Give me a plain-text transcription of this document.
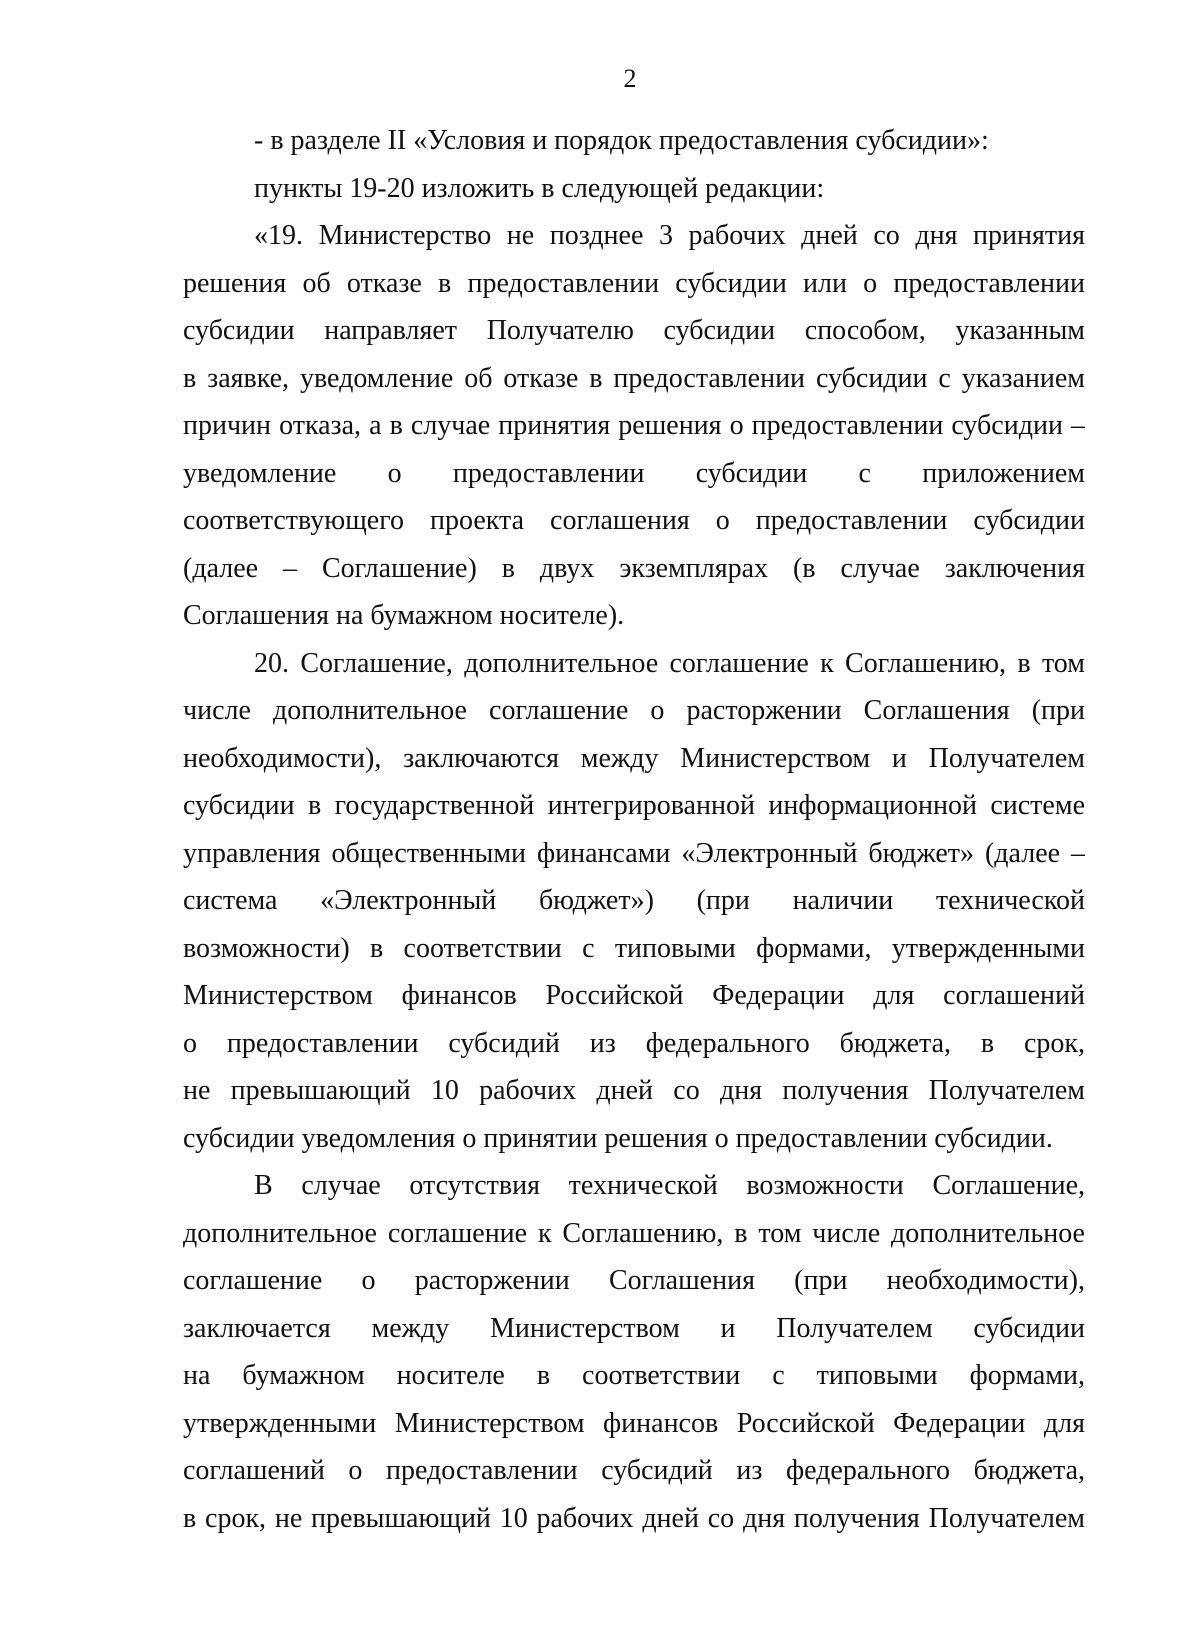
2
- в разделе II «Условия и порядок предоставления субсидии»:
пункты 19-20 изложить в следующей редакции:
«19. Министерство не позднее 3 рабочих дней со дня принятия
решения об отказе в предоставлении субсидии или о предоставлении
субсидии направляет Получателю субсидии способом, указанным
в заявке, уведомление об отказе в предоставлении субсидии с указанием
причин отказа, а в случае принятия решения о предоставлении субсидии –
уведомление о предоставлении субсидии с приложением
соответствующего проекта соглашения о предоставлении субсидии
(далее – Соглашение) в двух экземплярах (в случае заключения
Соглашения на бумажном носителе).
20. Соглашение, дополнительное соглашение к Соглашению, в том
числе дополнительное соглашение о расторжении Соглашения (при
необходимости), заключаются между Министерством и Получателем
субсидии в государственной интегрированной информационной системе
управления общественными финансами «Электронный бюджет» (далее –
система «Электронный бюджет») (при наличии технической
возможности) в соответствии с типовыми формами, утвержденными
Министерством финансов Российской Федерации для соглашений
о предоставлении субсидий из федерального бюджета, в срок,
не превышающий 10 рабочих дней со дня получения Получателем
субсидии уведомления о принятии решения о предоставлении субсидии.
В случае отсутствия технической возможности Соглашение,
дополнительное соглашение к Соглашению, в том числе дополнительное
соглашение о расторжении Соглашения (при необходимости),
заключается между Министерством и Получателем субсидии
на бумажном носителе в соответствии с типовыми формами,
утвержденными Министерством финансов Российской Федерации для
соглашений о предоставлении субсидий из федерального бюджета,
в срок, не превышающий 10 рабочих дней со дня получения Получателем
